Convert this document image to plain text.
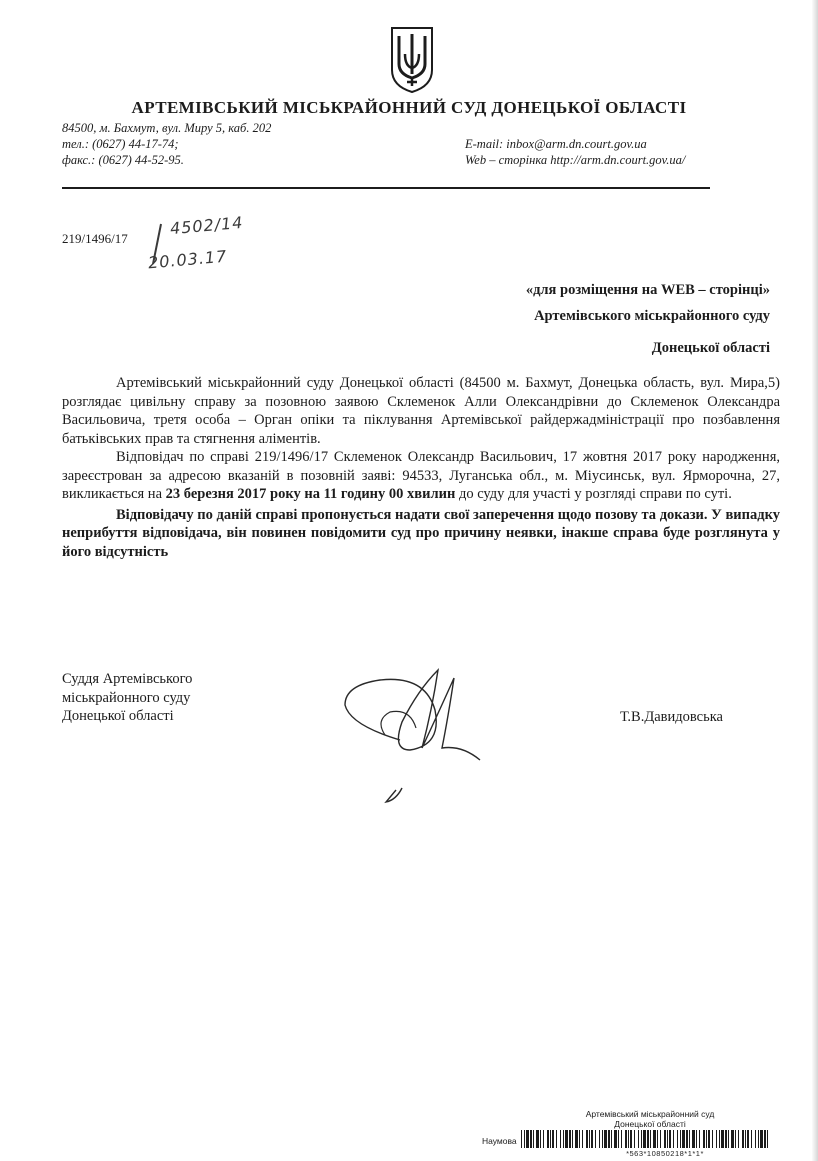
АРТЕМІВСЬКИЙ МІСЬКРАЙОННИЙ СУД ДОНЕЦЬКОЇ ОБЛАСТІ
84500, м. Бахмут, вул. Миру 5, каб. 202
тел.: (0627) 44-17-74;
факс.: (0627) 44-52-95.
E-mail: inbox@arm.dn.court.gov.ua
Web – сторінка http://arm.dn.court.gov.ua/
219/1496/17
4502/14
20.03.17
«для розміщення на WEB – сторінці»
Артемівського міськрайонного суду
Донецької області

Артемівський міськрайонний суду Донецької області (84500 м. Бахмут, Донецька область, вул. Мира,5) розглядає цивільну справу за позовною заявою Склеменок Алли Олександрівни до Склеменок Олександра Васильовича, третя особа – Орган опіки та піклування Артемівської райдержадміністрації про позбавлення батьківських прав та стягнення аліментів.

Відповідач по справі 219/1496/17 Склеменок Олександр Васильович, 17 жовтня 2017 року народження, зареєстрован за адресою вказаній в позовній заяві: 94533, Луганська обл., м. Міусинськ, вул. Ярморочна, 27, викликається на 23 березня 2017 року на 11 годину 00 хвилин до суду для участі у розгляді справи по суті.

Відповідачу по даній справі пропонується надати свої заперечення щодо позову та докази. У випадку неприбуття відповідача, він повинен повідомити суд про причину неявки, інакше справа буде розглянута у його відсутність

Суддя Артемівського
міськрайонного суду
Донецької області	Т.В.Давидовська
Артемівський міськрайонний суд
Донецької області
Наумова
*563*10850218*1*1*
